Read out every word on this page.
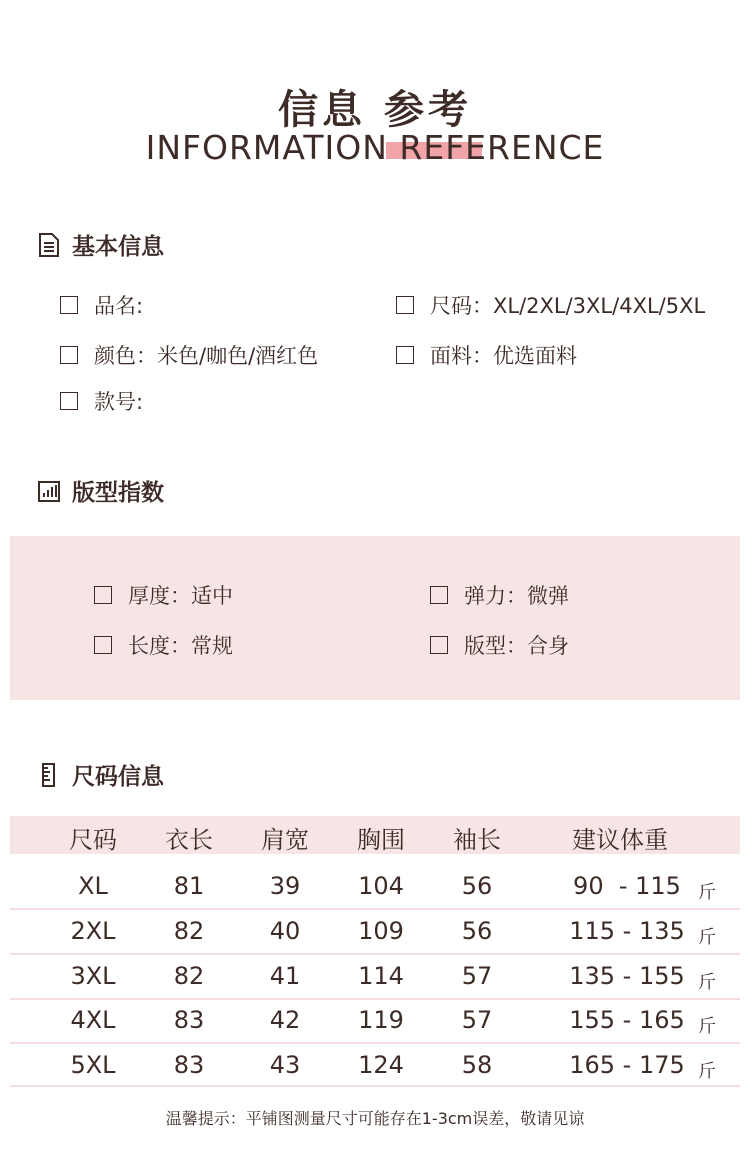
信息 参考
INFORMATION REFERENCE
基本信息
品名:	尺码：XL/2XL/3XL/4XL/5XL
颜色：米色/咖色/酒红色	面料：优选面料
款号:
版型指数
厚度：适中	弹力：微弹
长度：常规	版型：合身
尺码信息
尺码	衣长	肩宽	胸围	袖长	建议体重
XL	81	39	104	56	90  - 115 斤
2XL	82	40	109	56	115 - 135 斤
3XL	82	41	114	57	135 - 155 斤
4XL	83	42	119	57	155 - 165 斤
5XL	83	43	124	58	165 - 175 斤
温馨提示：平铺图测量尺寸可能存在1-3cm误差，敬请见谅
